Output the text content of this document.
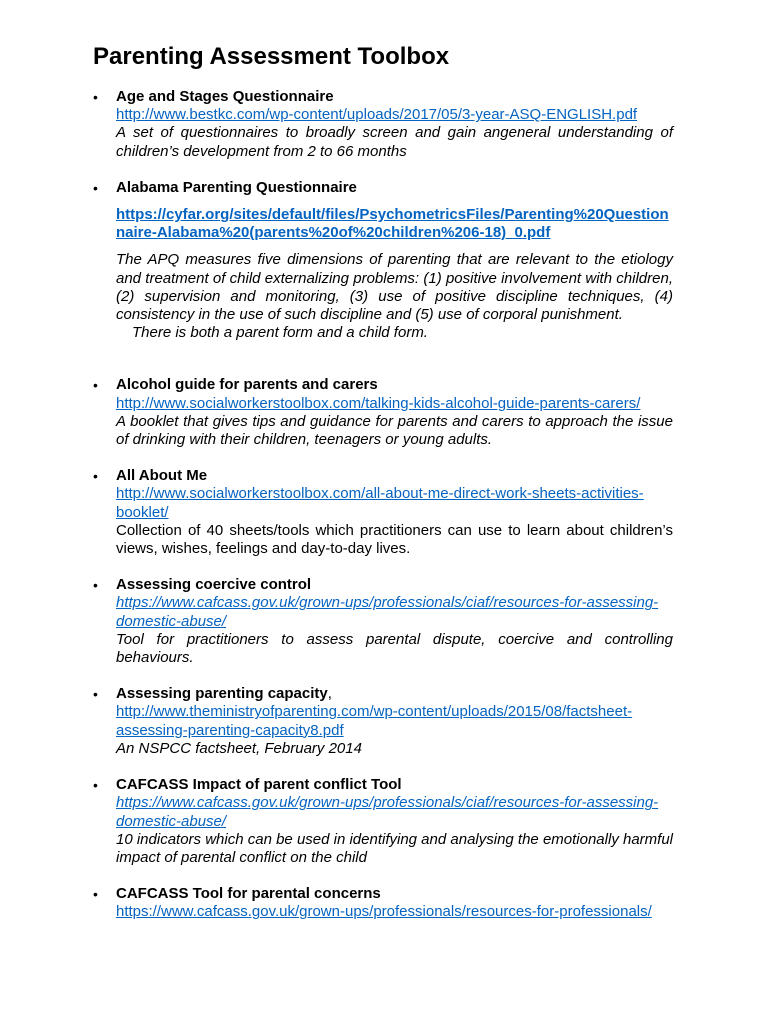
Parenting Assessment Toolbox
• Age and Stages Questionnaire
http://www.bestkc.com/wp-content/uploads/2017/05/3-year-ASQ-ENGLISH.pdf
A set of questionnaires to broadly screen and gain angeneral understanding of children’s development from 2 to 66 months
• Alabama Parenting Questionnaire
https://cyfar.org/sites/default/files/PsychometricsFiles/Parenting%20Questionnaire-Alabama%20(parents%20of%20children%206-18)_0.pdf
The APQ measures five dimensions of parenting that are relevant to the etiology and treatment of child externalizing problems: (1) positive involvement with children, (2) supervision and monitoring, (3) use of positive discipline techniques, (4) consistency in the use of such discipline and (5) use of corporal punishment.
There is both a parent form and a child form.
• Alcohol guide for parents and carers
http://www.socialworkerstoolbox.com/talking-kids-alcohol-guide-parents-carers/
A booklet that gives tips and guidance for parents and carers to approach the issue of drinking with their children, teenagers or young adults.
• All About Me
http://www.socialworkerstoolbox.com/all-about-me-direct-work-sheets-activities-booklet/
Collection of 40 sheets/tools which practitioners can use to learn about children’s views, wishes, feelings and day-to-day lives.
• Assessing coercive control
https://www.cafcass.gov.uk/grown-ups/professionals/ciaf/resources-for-assessing-domestic-abuse/
Tool for practitioners to assess parental dispute, coercive and controlling behaviours.
• Assessing parenting capacity,
http://www.theministryofparenting.com/wp-content/uploads/2015/08/factsheet-assessing-parenting-capacity8.pdf
An NSPCC factsheet, February 2014
• CAFCASS Impact of parent conflict Tool
https://www.cafcass.gov.uk/grown-ups/professionals/ciaf/resources-for-assessing-domestic-abuse/
10 indicators which can be used in identifying and analysing the emotionally harmful impact of parental conflict on the child
• CAFCASS Tool for parental concerns
https://www.cafcass.gov.uk/grown-ups/professionals/resources-for-professionals/
